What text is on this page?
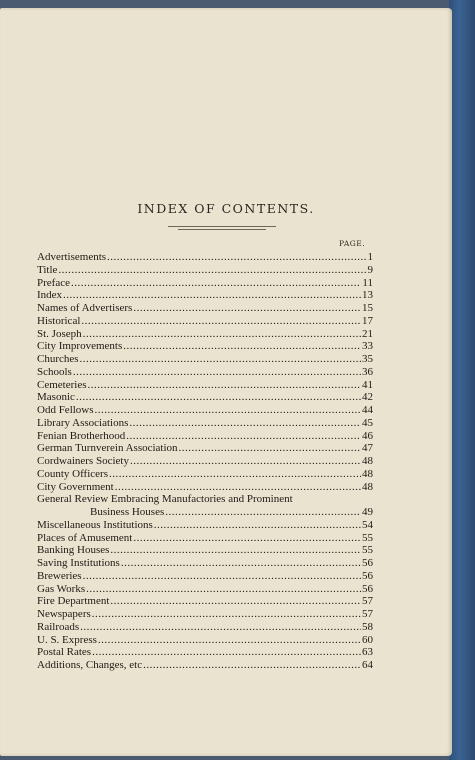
INDEX OF CONTENTS.
PAGE.
Advertisements .....	1
Title .....	9
Preface .....	11
Index .....	13
Names of Advertisers .....	15
Historical .....	17
St. Joseph .....	21
City Improvements .....	33
Churches .....	35
Schools .....	36
Cemeteries .....	41
Masonic .....	42
Odd Fellows .....	44
Library Associations .....	45
Fenian Brotherhood .....	46
German Turnverein Association .....	47
Cordwainers Society .....	48
County Officers .....	48
City Government .....	48
General Review Embracing Manufactories and Prominent
Business Houses .....	49
Miscellaneous Institutions .....	54
Places of Amusement .....	55
Banking Houses .....	55
Saving Institutions .....	56
Breweries .....	56
Gas Works .....	56
Fire Department .....	57
Newspapers .....	57
Railroads .....	58
U. S. Express .....	60
Postal Rates .....	63
Additions, Changes, etc .....	64
